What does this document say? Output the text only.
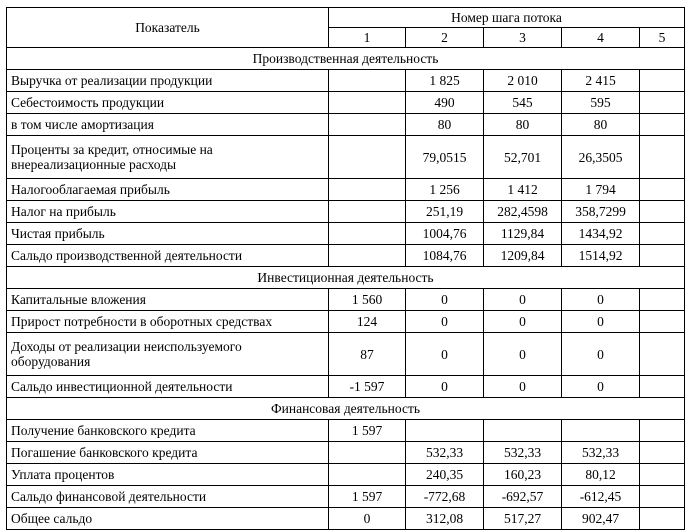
Показатель	Номер шага потока				
	1	2	3	4	5
Производственная деятельность					
Выручка от реализации продукции		1 825	2 010	2 415	
Себестоимость продукции		490	545	595	
в том числе амортизация		80	80	80	
Проценты за кредит, относимые на внереализационные расходы		79,0515	52,701	26,3505	
Налогооблагаемая прибыль		1 256	1 412	1 794	
Налог на прибыль		251,19	282,4598	358,7299	
Чистая прибыль		1004,76	1129,84	1434,92	
Сальдо производственной деятельности		1084,76	1209,84	1514,92	
Инвестиционная деятельность					
Капитальные вложения	1 560	0	0	0	
Прирост потребности в оборотных средствах	124	0	0	0	
Доходы от реализации неиспользуемого оборудования	87	0	0	0	
Сальдо инвестиционной деятельности	-1 597	0	0	0	
Финансовая деятельность					
Получение банковского кредита	1 597				
Погашение банковского кредита		532,33	532,33	532,33	
Уплата процентов		240,35	160,23	80,12	
Сальдо финансовой деятельности	1 597	-772,68	-692,57	-612,45	
Общее сальдо	0	312,08	517,27	902,47	
